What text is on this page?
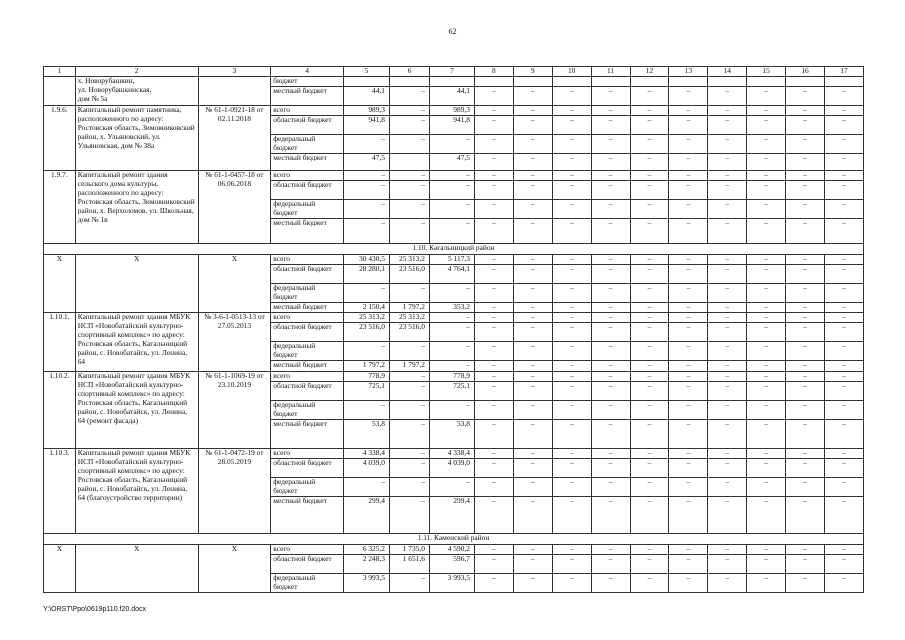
62
1	2	3	4	5	6	7	8	9	10	11	12	13	14	15	16	17

	х. Новорубашкин,
ул. Новорубашкинская,
дом № 5а		бюджет													
			местный бюджет	44,1	–	44,1	–	–	–	–	–	–	–	–	–	–
1.9.6.	Капитальный ремонт памятника, расположенного по адресу: Ростовская область, Зимовниковский район, х. Ульяновский, ул. Ульяновская, дом № 38а	№ 61-1-0921-18 от 02.11.2018	всего	989,3	–	989,3	–	–	–	–	–	–	–	–	–	–
			областной бюджет	941,8	–	941,8	–	–	–	–	–	–	–	–	–	–
			федеральный бюджет	–	–	–	–	–	–	–	–	–	–	–	–	–
			местный бюджет	47,5		47,5	–	–	–	–	–	–	–	–	–	–
1.9.7.	Капитальный ремонт здания сельского дома культуры, расположенного по адресу: Ростовская область, Зимовниковский район, х. Верхоломов, ул. Школьная, дом № 1в	№ 61-1-0457-18 от 06.06.2018	всего	–	–	–	–	–	–	–	–	–	–	–	–	–
			областной бюджет	–	–	–	–	–	–	–	–	–	–	–	–	–
			федеральный бюджет	–	–	–	–	–	–	–	–	–	–	–	–	–
			местный бюджет	–	–	–	–	–	–	–	–	–	–	–	–	–
1.10. Кагальницкий район																
Х	Х	Х	всего	30 430,5	25 313,2	5 117,3	–	–	–	–	–	–	–	–	–	–
			областной бюджет	28 280,1	23 516,0	4 764,1	–	–	–	–	–	–	–	–	–	–
			федеральный бюджет	–	–	–	–	–	–	–	–	–	–	–	–	–
			местный бюджет	2 150,4	1 797,2	353,2	–	–	–	–	–	–	–	–	–	–
1.10.1.	Капитальный ремонт здания МБУК НСП «Новобатайский культурно-спортивный комплекс» по адресу: Ростовская область, Кагальницкий район, с. Новобатайск, ул. Ленина, 64	№ 3-6-1-0513-13 от 27.05.2013	всего	25 313,2	25 313,2	–	–	–	–	–	–	–	–	–	–	–
			областной бюджет	23 516,0	23 516,0	–	–	–	–	–	–	–	–	–	–	–
			федеральный бюджет	–	–	–	–	–	–	–	–	–	–	–	–	–
			местный бюджет	1 797,2	1 797,2	–	–	–	–	–	–	–	–	–	–	–
1.10.2.	Капитальный ремонт здания МБУК НСП «Новобатайский культурно-спортивный комплекс» по адресу: Ростовская область, Кагальницкий район, с. Новобатайск, ул. Ленина, 64 (ремонт фасада)	№ 61-1-1069-19 от 23.10.2019	всего	778,9	–	778,9	–	–	–	–	–	–	–	–	–	–
			областной бюджет	725,1	–	725,1	–	–	–	–	–	–	–	–	–	–
			федеральный бюджет	–	–	–	–	–	–	–	–	–	–	–	–	–
			местный бюджет	53,8	–	53,8	–	–	–	–	–	–	–	–	–	–
1.10.3.	Капитальный ремонт здания МБУК НСП «Новобатайский культурно-спортивный комплекс» по адресу: Ростовская область, Кагальницкий район, с. Новобатайск, ул. Ленина, 64 (благоустройство территории)	№ 61-1-0472-19 от 28.05.2019	всего	4 338,4	–	4 338,4	–	–	–	–	–	–	–	–	–	–
			областной бюджет	4 039,0	–	4 039,0	–	–	–	–	–	–	–	–	–	–
			федеральный бюджет	–	–	–	–	–	–	–	–	–	–	–	–	–
			местный бюджет	299,4	–	299,4	–	–	–	–	–	–	–	–	–	–
1.11. Каменский район																
Х	Х	Х	всего	6 325,2	1 735,0	4 590,2	–	–	–	–	–	–	–	–	–	–
			областной бюджет	2 248,3	1 651,6	596,7	–	–	–	–	–	–	–	–	–	–
			федеральный бюджет	3 993,5	–	3 993,5	–	–	–	–	–	–	–	–	–	–
Y:\ORST\Ppo\0619p110.f20.docx
